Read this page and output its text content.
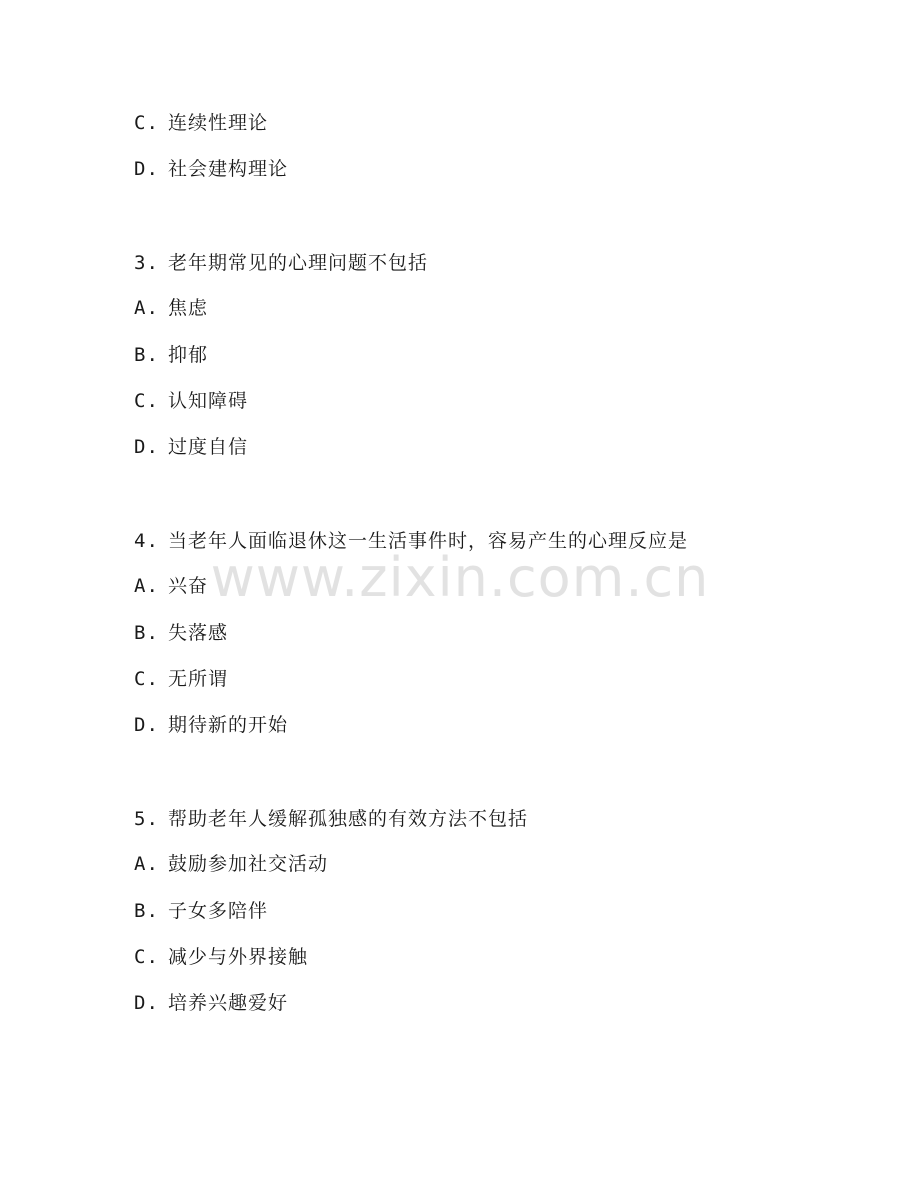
C. 连续性理论
D. 社会建构理论
3. 老年期常见的心理问题不包括
A. 焦虑
B. 抑郁
C. 认知障碍
D. 过度自信
4. 当老年人面临退休这一生活事件时，容易产生的心理反应是
A. 兴奋
B. 失落感
C. 无所谓
D. 期待新的开始
5. 帮助老年人缓解孤独感的有效方法不包括
A. 鼓励参加社交活动
B. 子女多陪伴
C. 减少与外界接触
D. 培养兴趣爱好
www.zixin.com.cn
